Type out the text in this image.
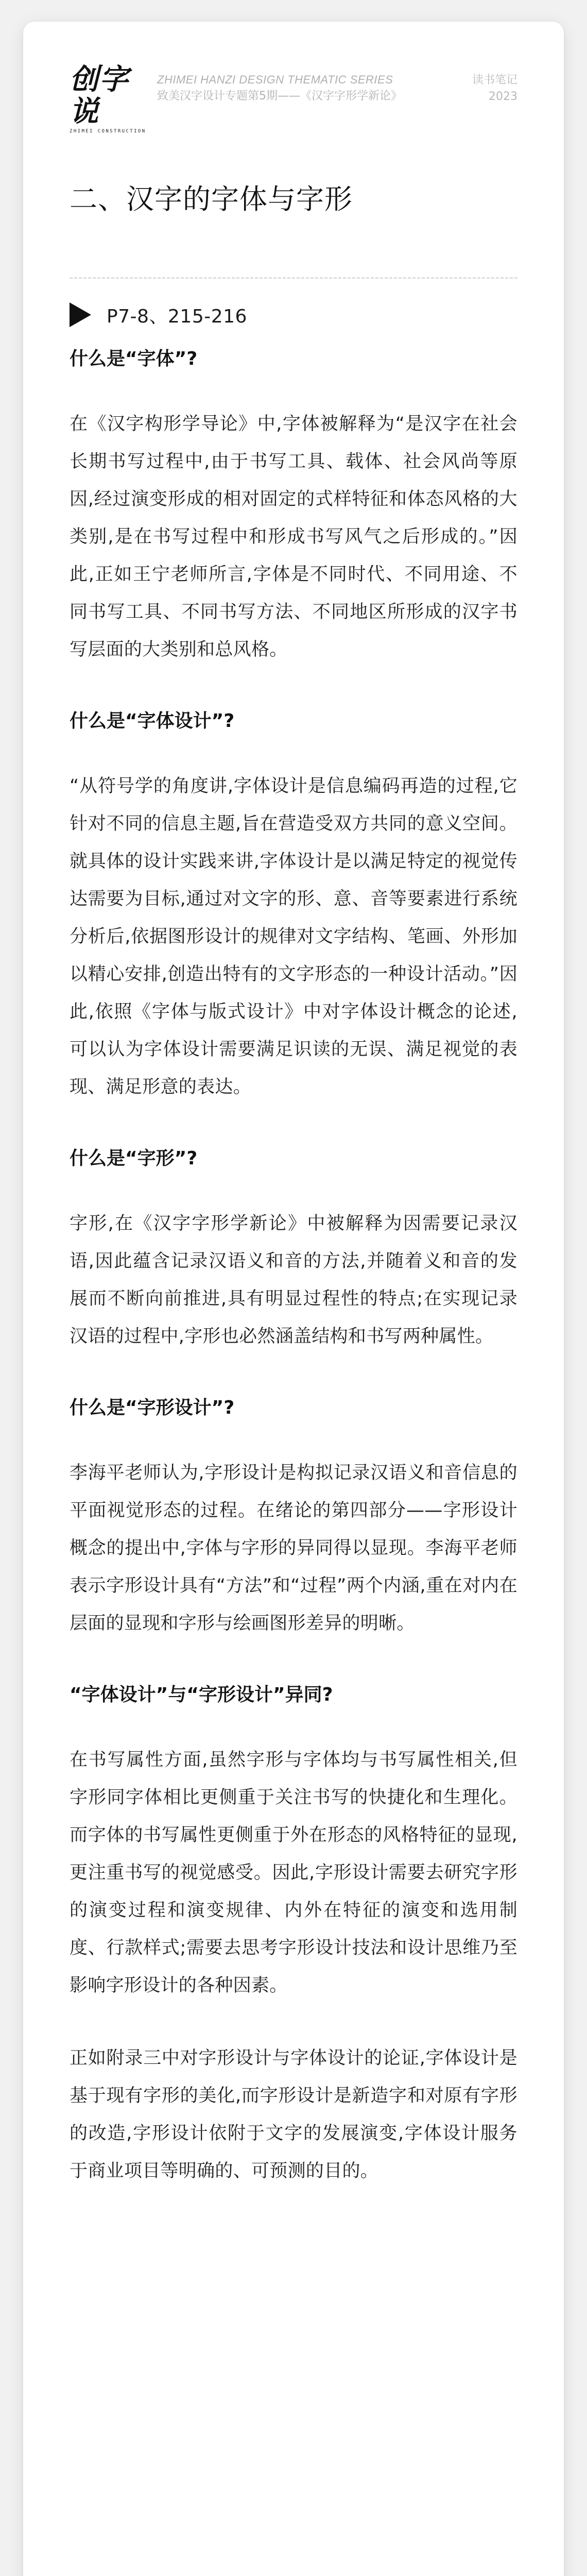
创字说
ZHIMEI CONSTRUCTION
ZHIMEI HANZI DESIGN THEMATIC SERIES
致美汉字设计专题第5期——《汉字字形学新论》
读书笔记
2023
二、汉字的字体与字形
P7-8、215-216

什么是“字体”?

在《汉字构形学导论》中,字体被解释为“是汉字在社会长期书写过程中,由于书写工具、载体、社会风尚等原因,经过演变形成的相对固定的式样特征和体态风格的大类别,是在书写过程中和形成书写风气之后形成的。”因此,正如王宁老师所言,字体是不同时代、不同用途、不同书写工具、不同书写方法、不同地区所形成的汉字书写层面的大类别和总风格。

什么是“字体设计”?

“从符号学的角度讲,字体设计是信息编码再造的过程,它针对不同的信息主题,旨在营造受双方共同的意义空间。就具体的设计实践来讲,字体设计是以满足特定的视觉传达需要为目标,通过对文字的形、意、音等要素进行系统分析后,依据图形设计的规律对文字结构、笔画、外形加以精心安排,创造出特有的文字形态的一种设计活动。”因此,依照《字体与版式设计》中对字体设计概念的论述,可以认为字体设计需要满足识读的无误、满足视觉的表现、满足形意的表达。

什么是“字形”?

字形,在《汉字字形学新论》中被解释为因需要记录汉语,因此蕴含记录汉语义和音的方法,并随着义和音的发展而不断向前推进,具有明显过程性的特点;在实现记录汉语的过程中,字形也必然涵盖结构和书写两种属性。

什么是“字形设计”?

李海平老师认为,字形设计是构拟记录汉语义和音信息的平面视觉形态的过程。在绪论的第四部分——字形设计概念的提出中,字体与字形的异同得以显现。李海平老师表示字形设计具有“方法”和“过程”两个内涵,重在对内在层面的显现和字形与绘画图形差异的明晰。

“字体设计”与“字形设计”异同?

在书写属性方面,虽然字形与字体均与书写属性相关,但字形同字体相比更侧重于关注书写的快捷化和生理化。而字体的书写属性更侧重于外在形态的风格特征的显现,更注重书写的视觉感受。因此,字形设计需要去研究字形的演变过程和演变规律、内外在特征的演变和选用制度、行款样式;需要去思考字形设计技法和设计思维乃至影响字形设计的各种因素。

正如附录三中对字形设计与字体设计的论证,字体设计是基于现有字形的美化,而字形设计是新造字和对原有字形的改造,字形设计依附于文字的发展演变,字体设计服务于商业项目等明确的、可预测的目的。
